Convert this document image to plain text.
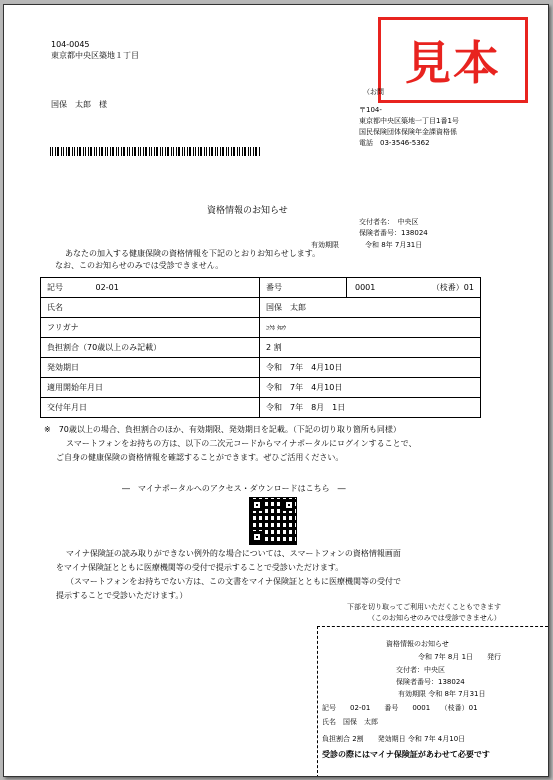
104-0045
東京都中央区築地１丁目
国保　太郎　様
見本
（お問
〒104-
東京都中央区築地一丁目1番1号
国民保険団体保険年金課資格係
電話　03-3546-5362
資格情報のお知らせ
交付者名：　中央区
保険者番号：138024
有効期限	令和 8年 7月31日
あなたの加入する健康保険の資格情報を下記のとおりお知らせします。
なお、このお知らせのみでは受診できません。
記号 02-01	番号 0001 （枝番）01

氏名	国保　太郎
フリガナ	ｺｸﾎ ﾀﾛｳ
負担割合（70歳以上のみ記載）	2 割
発効期日	令和　7年　4月10日
適用開始年月日	令和　7年　4月10日
交付年月日	令和　7年　8月　1日
※　70歳以上の場合、負担割合のほか、有効期限、発効期日を記載。（下記の切り取り箇所も同様）
スマートフォンをお持ちの方は、以下の二次元コードからマイナポータルにログインすることで、
ご自身の健康保険の資格情報を確認することができます。ぜひご活用ください。
―　マイナポータルへのアクセス・ダウンロードはこちら　―
マイナ保険証の読み取りができない例外的な場合については、スマートフォンの資格情報画面
をマイナ保険証とともに医療機関等の受付で提示することで受診いただけます。
（スマートフォンをお持ちでない方は、この文書をマイナ保険証とともに医療機関等の受付で
提示することで受診いただけます。）
下部を切り取ってご利用いただくこともできます
（このお知らせのみでは受診できません）
資格情報のお知らせ
令和 7年 8月 1日　　発行
交付者：中央区
保険者番号：138024
有効期限 令和 8年 7月31日
記号　　02-01　　番号　　0001　　（枝番）01
氏名　国保　太郎
負担割合 2割　　発効期日 令和 7年 4月10日
受診の際にはマイナ保険証があわせて必要です
